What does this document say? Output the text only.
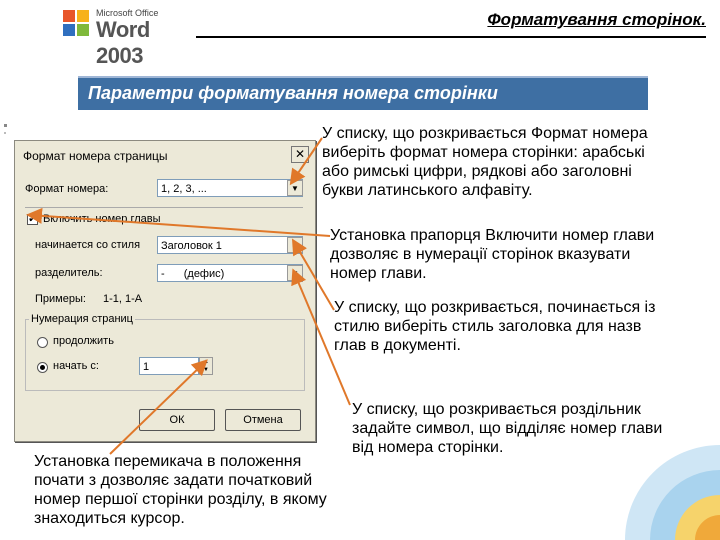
Microsoft Office
Word 2003
Форматування сторінок.
Параметри форматування номера сторінки
Формат номера страницы	✕
Формат номера:	1, 2, 3, ...	▼
✔ Включить номер главы
начинается со стиля	Заголовок 1	▼
разделитель:	- (дефис)	▼
Примеры: 1-1, 1-А
Нумерация страниц
продолжить
начать с:	1	▲
▼
ОК	Отмена
У списку, що розкривається Формат номера
виберіть формат номера сторінки: арабські
або римські цифри, рядкові або заголовні
букви латинського алфавіту.
Установка прапорця Включити номер глави
дозволяє в нумерації сторінок вказувати
номер глави.
У списку, що розкривається, починається із
стилю виберіть стиль заголовка для назв
глав в документі.
У списку, що розкривається роздільник
задайте символ, що відділяє номер глави
від номера сторінки.
Установка перемикача в положення
почати з дозволяє задати початковий
номер першої сторінки розділу, в якому
знаходиться курсор.
